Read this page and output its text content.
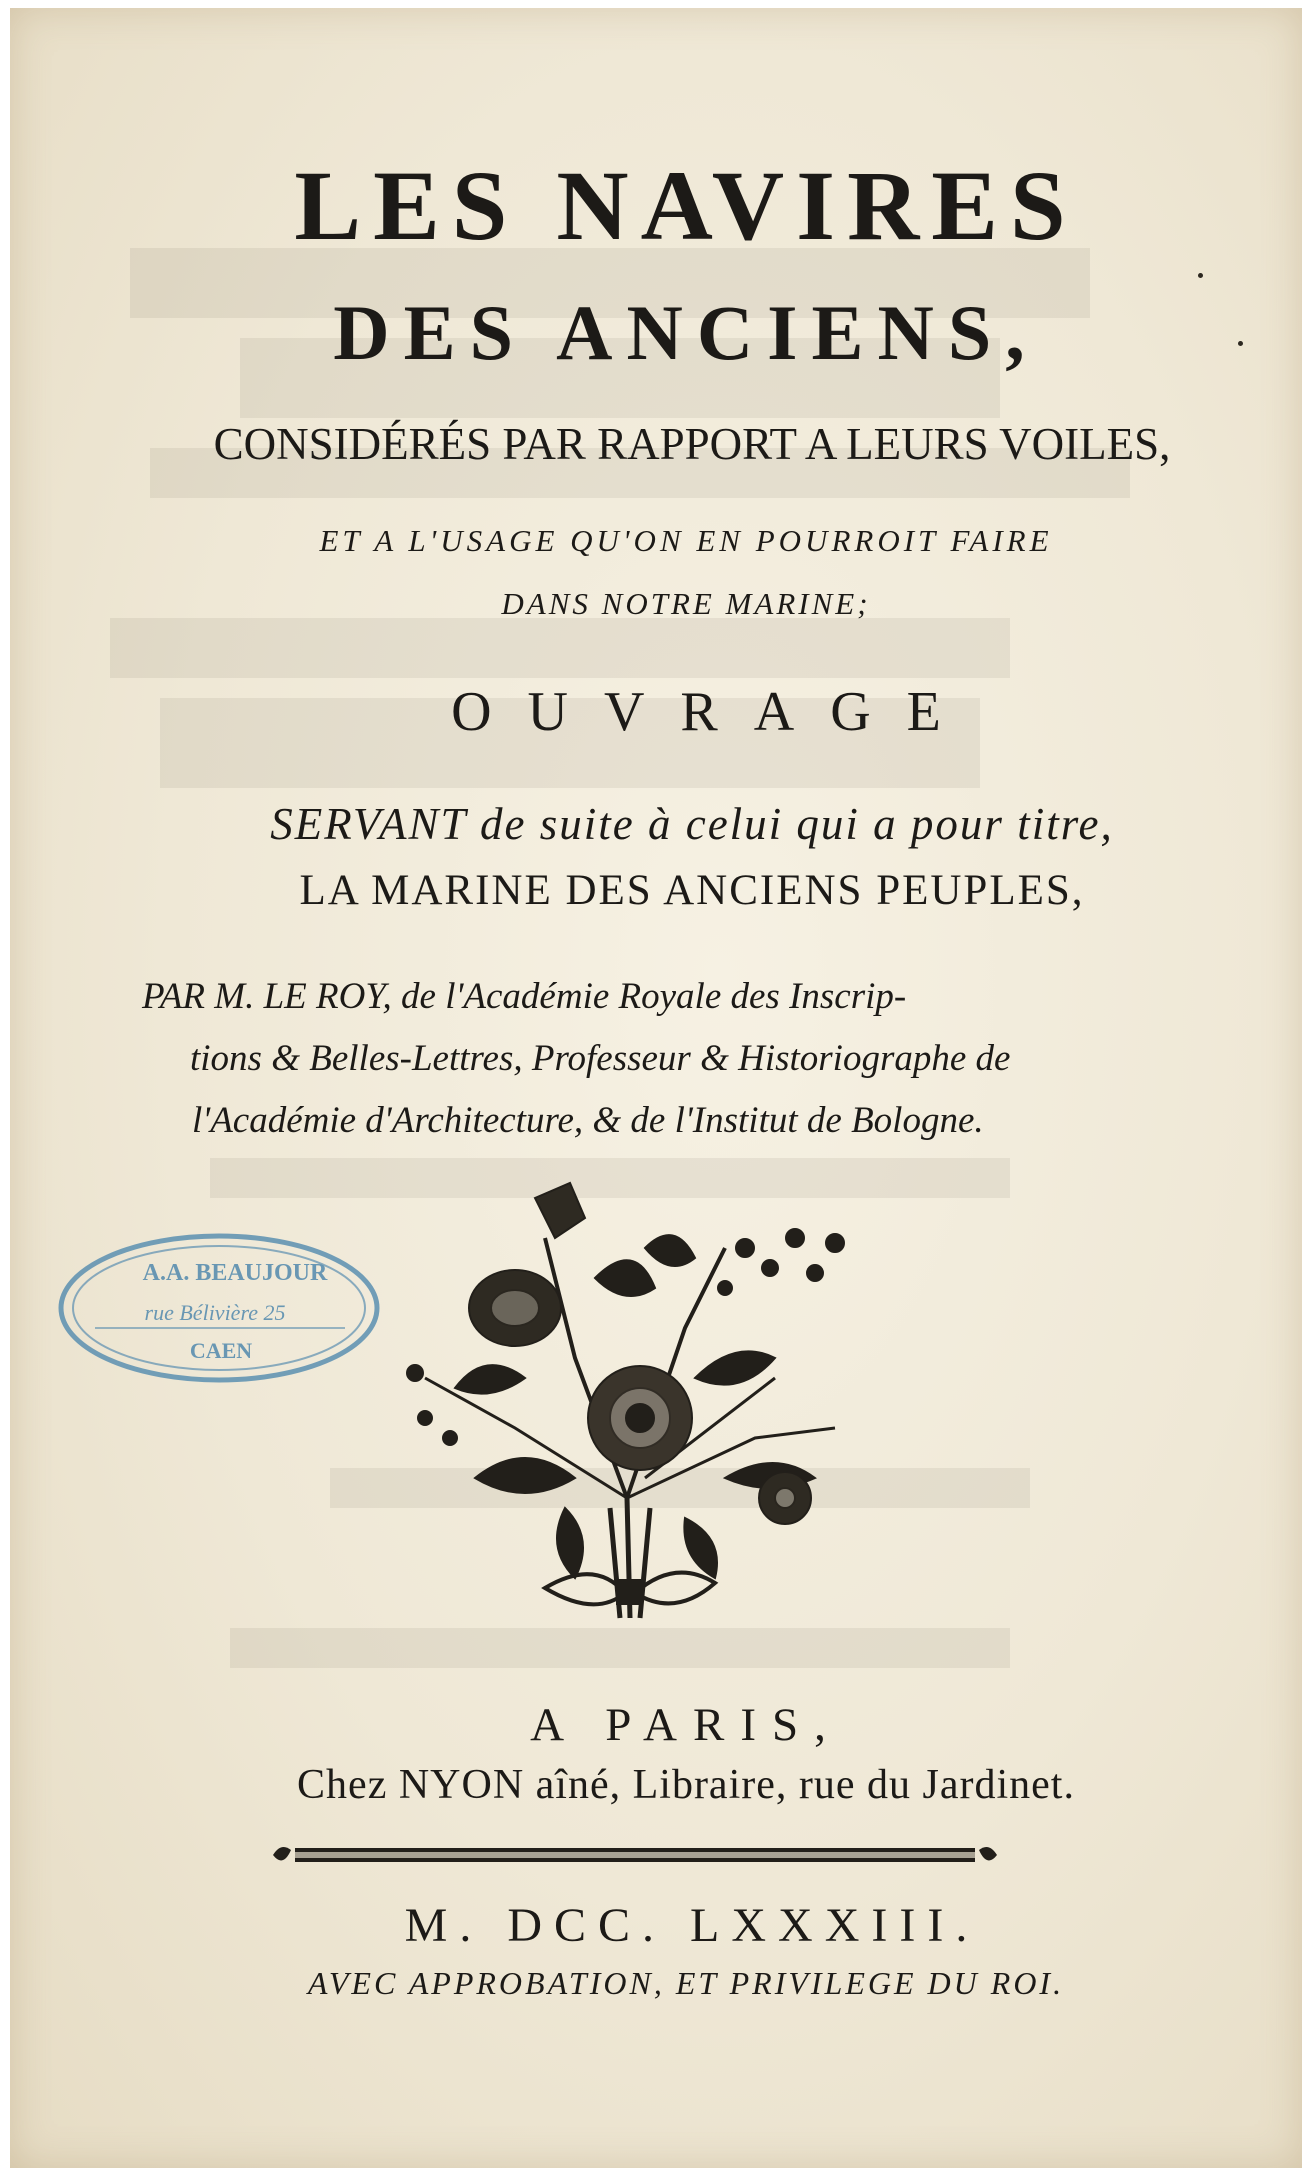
LES NAVIRES
DES ANCIENS,
CONSIDÉRÉS PAR RAPPORT A LEURS VOILES,
ET A L'USAGE QU'ON EN POURROIT FAIRE
DANS NOTRE MARINE;
OUVRAGE
SERVANT de suite à celui qui a pour titre,
LA MARINE DES ANCIENS PEUPLES,
PAR M. LE ROY, de l'Académie Royale des Inscrip-
tions & Belles-Lettres, Professeur & Historiographe de
l'Académie d'Architecture, & de l'Institut de Bologne.
A.A. BEAUJOUR
rue Bélivière 25
CAEN
A PARIS,
Chez NYON aîné, Libraire, rue du Jardinet.
M. DCC. LXXXIII.
AVEC APPROBATION, ET PRIVILEGE DU ROI.
